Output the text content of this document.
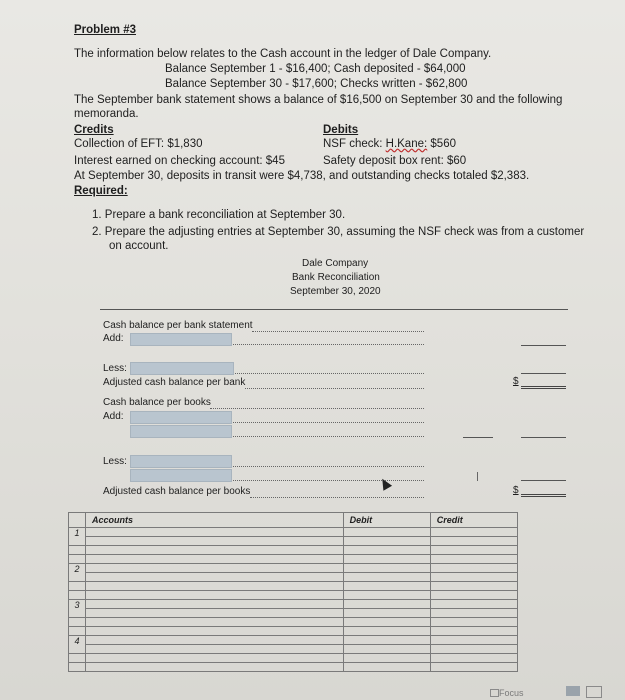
Problem #3
The information below relates to the Cash account in the ledger of Dale Company.
Balance September 1 - $16,400; Cash deposited - $64,000
Balance September 30 - $17,600; Checks written - $62,800
The September bank statement shows a balance of $16,500 on September 30 and the following
memoranda.
Credits	Debits
Collection of EFT: $1,830	NSF check: H.Kane: $560
Interest earned on checking account: $45	Safety deposit box rent: $60
At September 30, deposits in transit were $4,738, and outstanding checks totaled $2,383.
Required:
1. Prepare a bank reconciliation at September 30.
2. Prepare the adjusting entries at September 30, assuming the NSF check was from a customer
on account.
Dale Company
Bank Reconciliation
September 30, 2020
Cash balance per bank statement
Add:
Less:
Adjusted cash balance per bank	$
Cash balance per books
Add:
Less:
Adjusted cash balance per books	$
	Accounts	Debit	Credit
1			

2			

3			

4			

Focus
